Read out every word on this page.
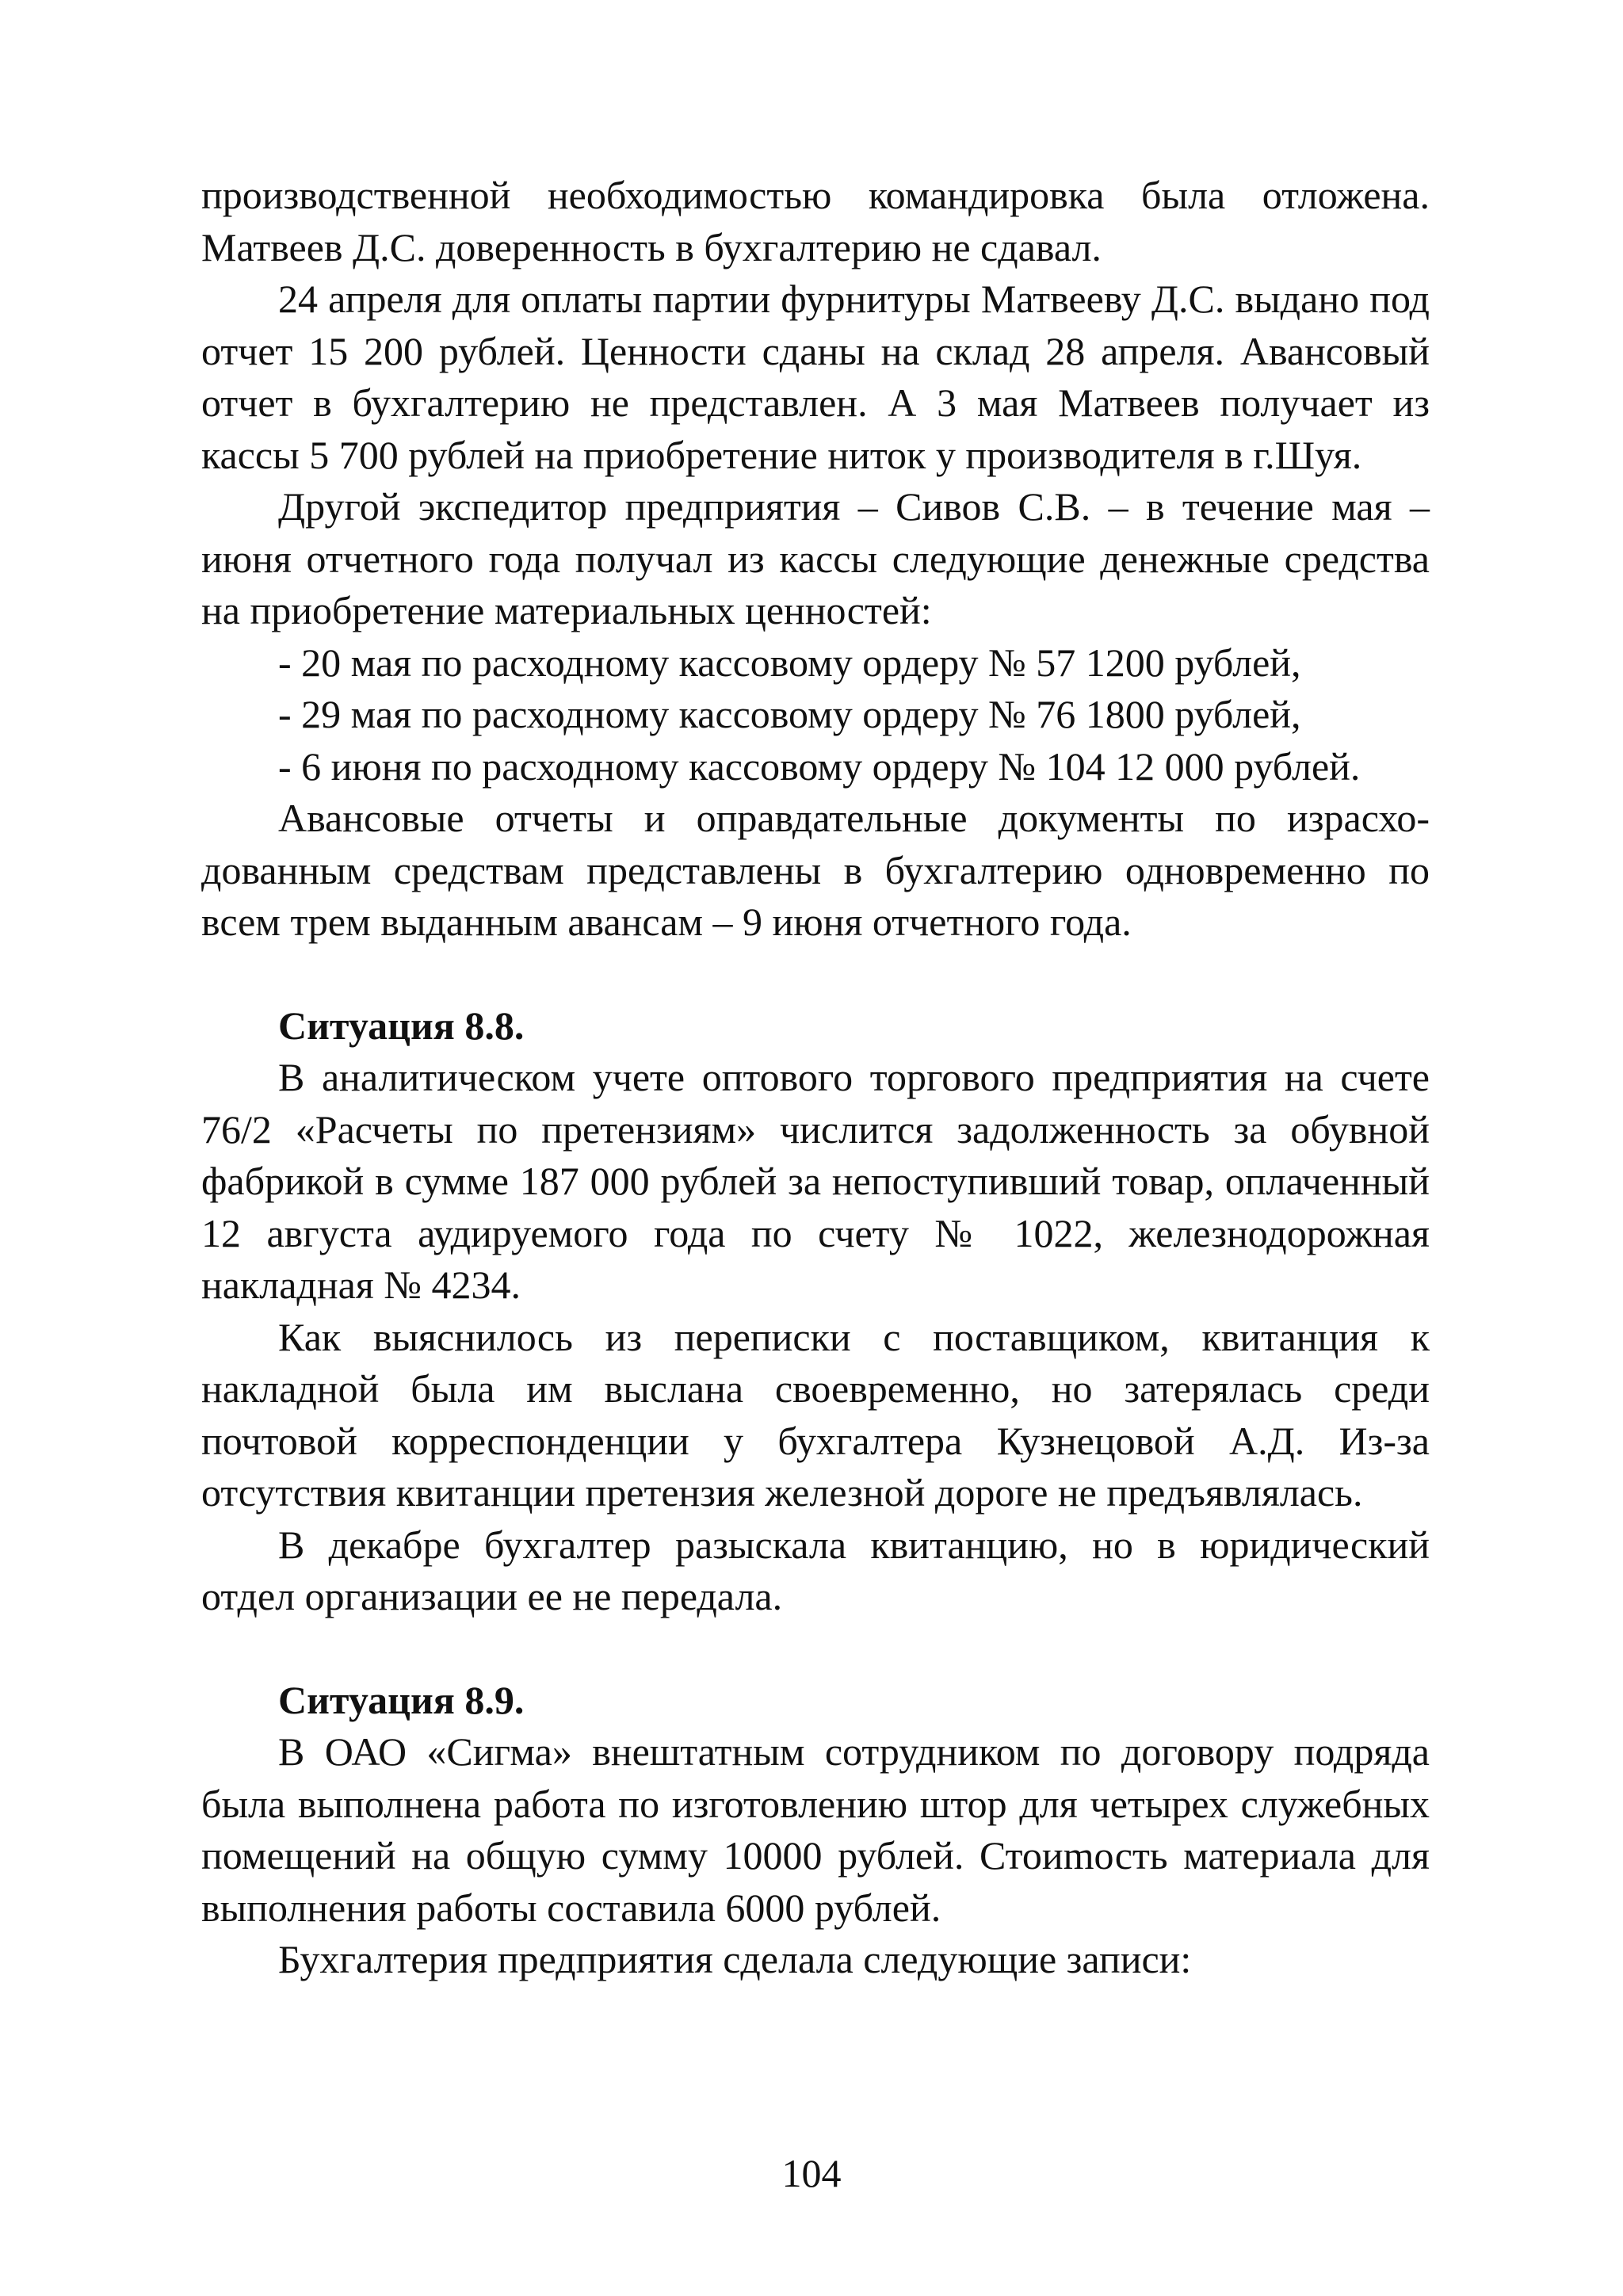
производственной необходимостью командировка была отложена. Матвеев Д.С. доверенность в бухгалтерию не сдавал.

24 апреля для оплаты партии фурнитуры Матвееву Д.С. выдано под отчет 15 200 рублей. Ценности сданы на склад 28 апреля. Авансовый отчет в бухгалтерию не представлен. А 3 мая Матвеев получает из кассы 5 700 рублей на приобретение ниток у производителя в г.Шуя.

Другой экспедитор предприятия – Сивов С.В. – в течение мая – июня отчетного года получал из кассы следующие денежные средства на приобретение материальных ценностей:

- 20 мая по расходному кассовому ордеру № 57 1200 рублей,

- 29 мая по расходному кассовому ордеру № 76 1800 рублей,

- 6 июня по расходному кассовому ордеру № 104 12 000 рублей.

Авансовые отчеты и оправдательные документы по израсходованным средствам представлены в бухгалтерию одновременно по всем трем выданным авансам – 9 июня отчетного года.

Ситуация 8.8.

В аналитическом учете оптового торгового предприятия на счете 76/2 «Расчеты по претензиям» числится задолженность за обувной фабрикой в сумме 187 000 рублей за непоступивший товар, оплаченный 12 августа аудируемого года по счету № 1022, железнодорожная накладная № 4234.

Как выяснилось из переписки с поставщиком, квитанция к накладной была им выслана своевременно, но затерялась среди почтовой корреспонденции у бухгалтера Кузнецовой А.Д. Из-за отсутствия квитанции претензия железной дороге не предъявлялась.

В декабре бухгалтер разыскала квитанцию, но в юридический отдел организации ее не передала.

Ситуация 8.9.

В ОАО «Сигма» внештатным сотрудником по договору подряда была выполнена работа по изготовлению штор для четырех служебных помещений на общую сумму 10000 рублей. Стоиmость материала для выполнения работы составила 6000 рублей.

Бухгалтерия предприятия сделала следующие записи:

104
